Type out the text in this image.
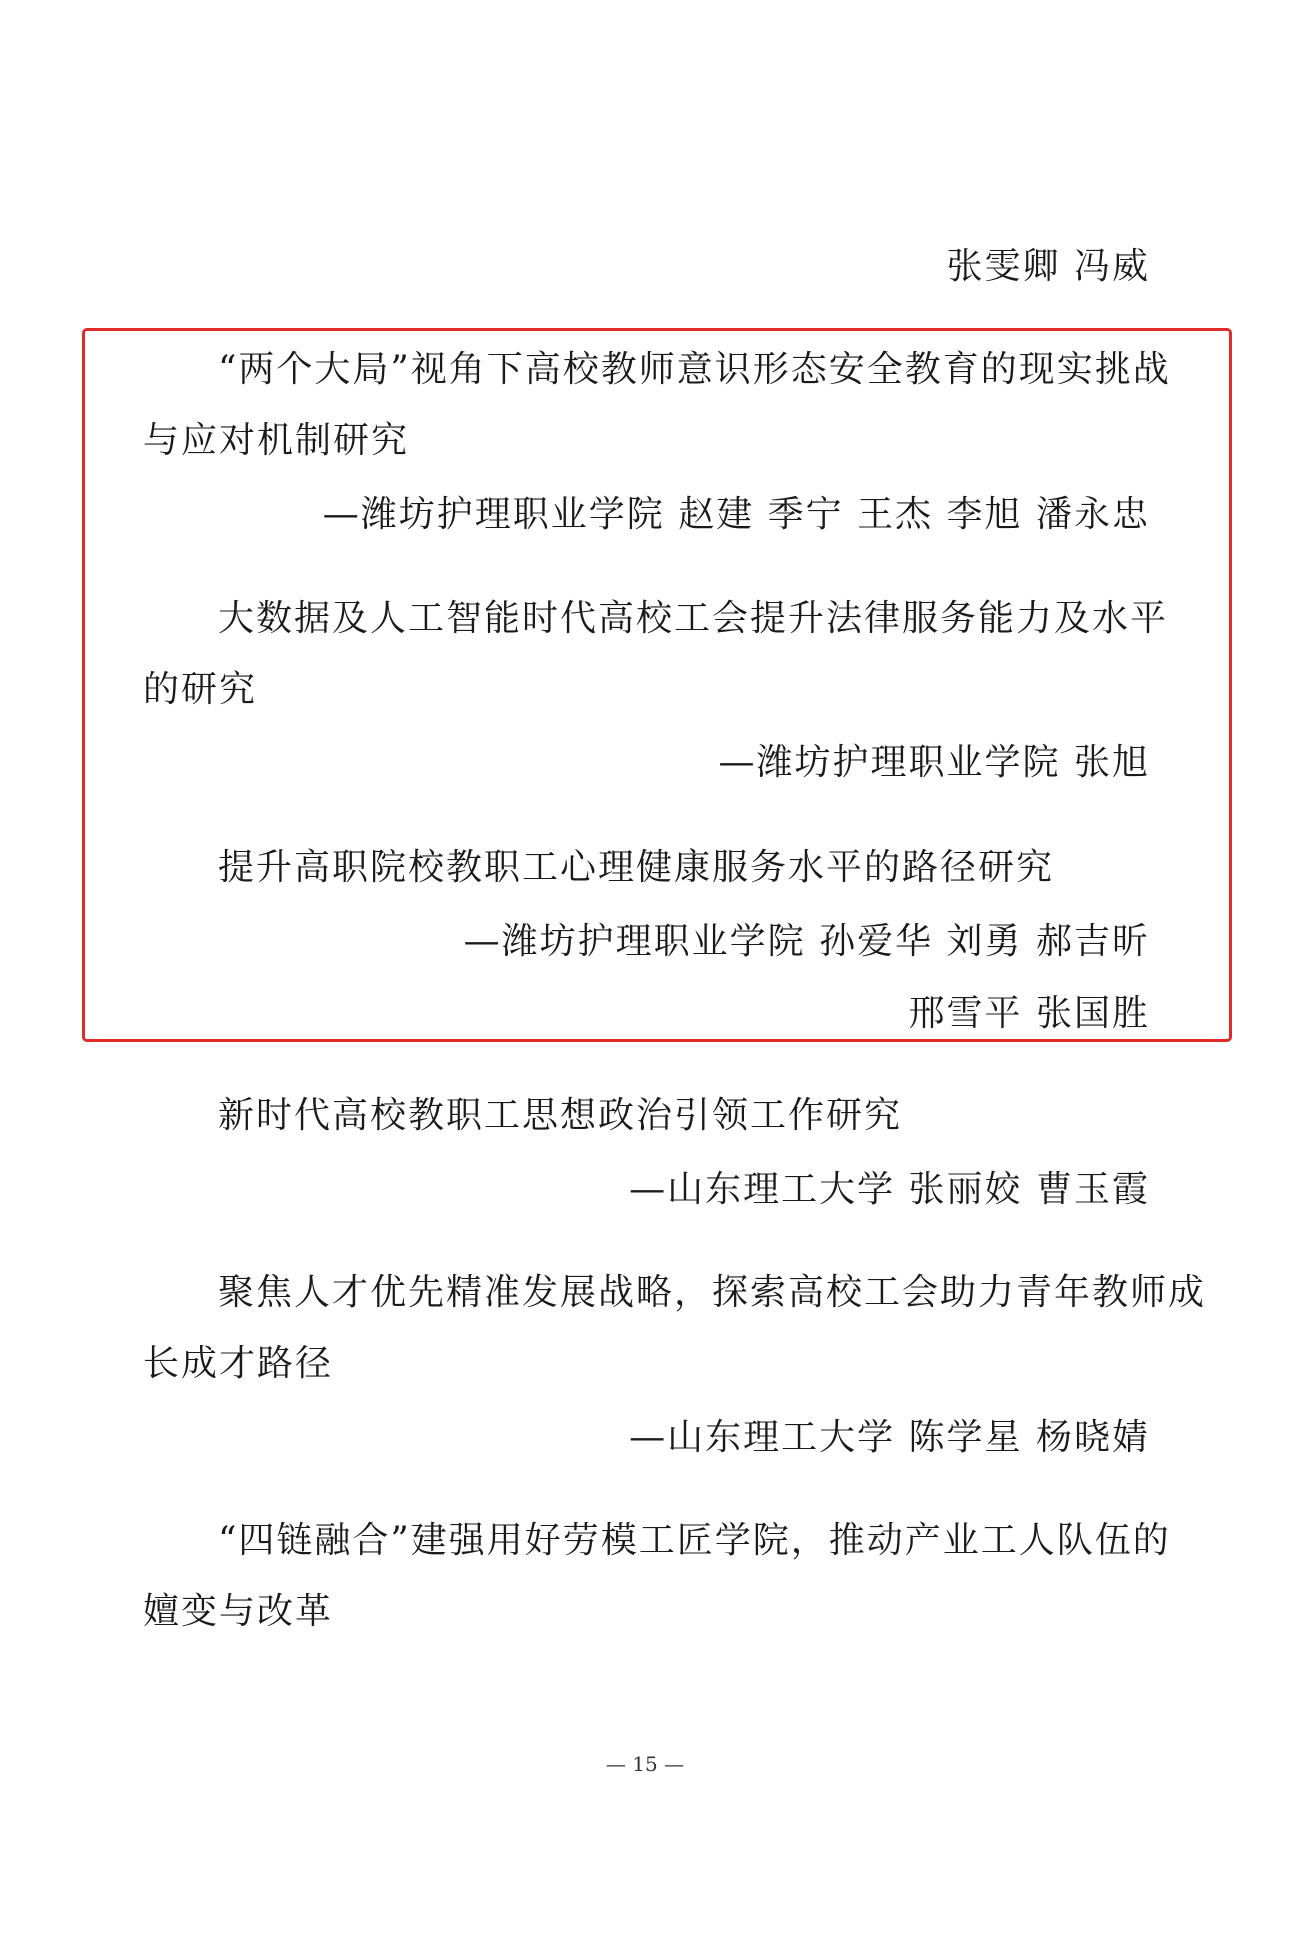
张雯卿 冯威
“两个大局”视角下高校教师意识形态安全教育的现实挑战
与应对机制研究
—潍坊护理职业学院 赵建 季宁 王杰 李旭 潘永忠
大数据及人工智能时代高校工会提升法律服务能力及水平
的研究
—潍坊护理职业学院 张旭
提升高职院校教职工心理健康服务水平的路径研究
—潍坊护理职业学院 孙爱华 刘勇 郝吉昕
邢雪平 张国胜
新时代高校教职工思想政治引领工作研究
—山东理工大学 张丽姣 曹玉霞
聚焦人才优先精准发展战略，探索高校工会助力青年教师成
长成才路径
—山东理工大学 陈学星 杨晓婧
“四链融合”建强用好劳模工匠学院，推动产业工人队伍的
嬗变与改革
— 15 —
